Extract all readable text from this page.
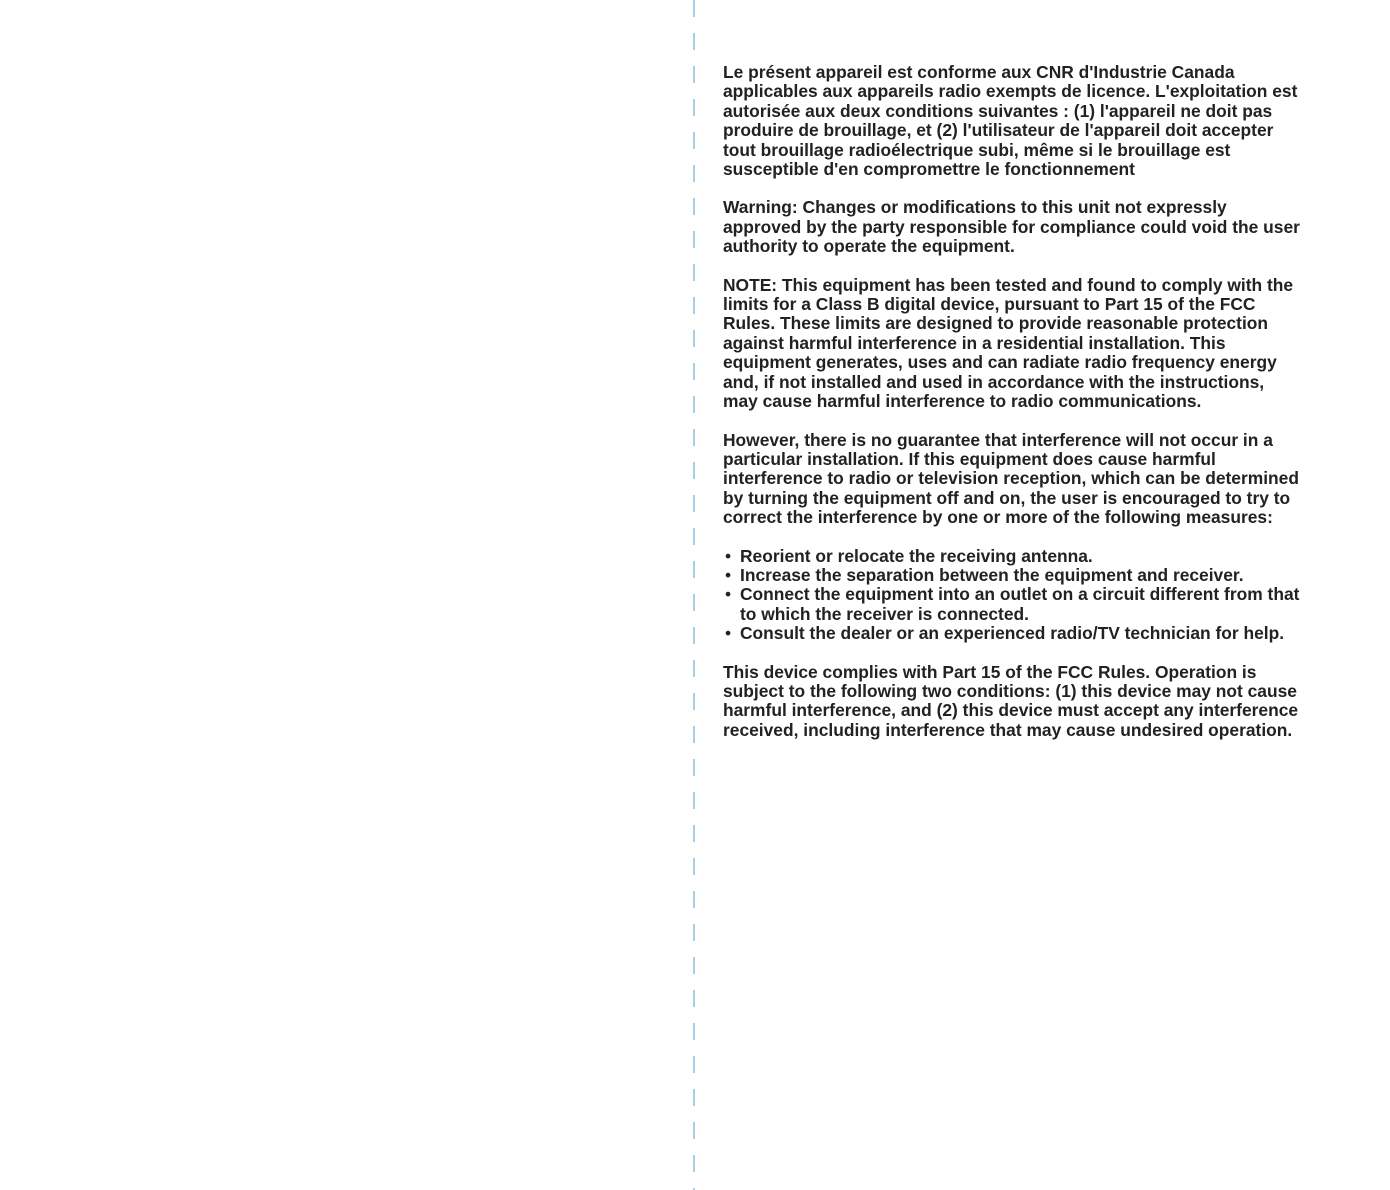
Le présent appareil est conforme aux CNR d'Industrie Canada
applicables aux appareils radio exempts de licence. L'exploitation est
autorisée aux deux conditions suivantes : (1) l'appareil ne doit pas
produire de brouillage, et (2) l'utilisateur de l'appareil doit accepter
tout brouillage radioélectrique subi, même si le brouillage est
susceptible d'en compromettre le fonctionnement

Warning: Changes or modifications to this unit not expressly
approved by the party responsible for compliance could void the user
authority to operate the equipment.

NOTE: This equipment has been tested and found to comply with the
limits for a Class B digital device, pursuant to Part 15 of the FCC
Rules. These limits are designed to provide reasonable protection
against harmful interference in a residential installation. This
equipment generates, uses and can radiate radio frequency energy
and, if not installed and used in accordance with the instructions,
may cause harmful interference to radio communications.

However, there is no guarantee that interference will not occur in a
particular installation. If this equipment does cause harmful
interference to radio or television reception, which can be determined
by turning the equipment off and on, the user is encouraged to try to
correct the interference by one or more of the following measures:

• Reorient or relocate the receiving antenna.
• Increase the separation between the equipment and receiver.
• Connect the equipment into an outlet on a circuit different from that
to which the receiver is connected.
• Consult the dealer or an experienced radio/TV technician for help.

This device complies with Part 15 of the FCC Rules. Operation is
subject to the following two conditions: (1) this device may not cause
harmful interference, and (2) this device must accept any interference
received, including interference that may cause undesired operation.
